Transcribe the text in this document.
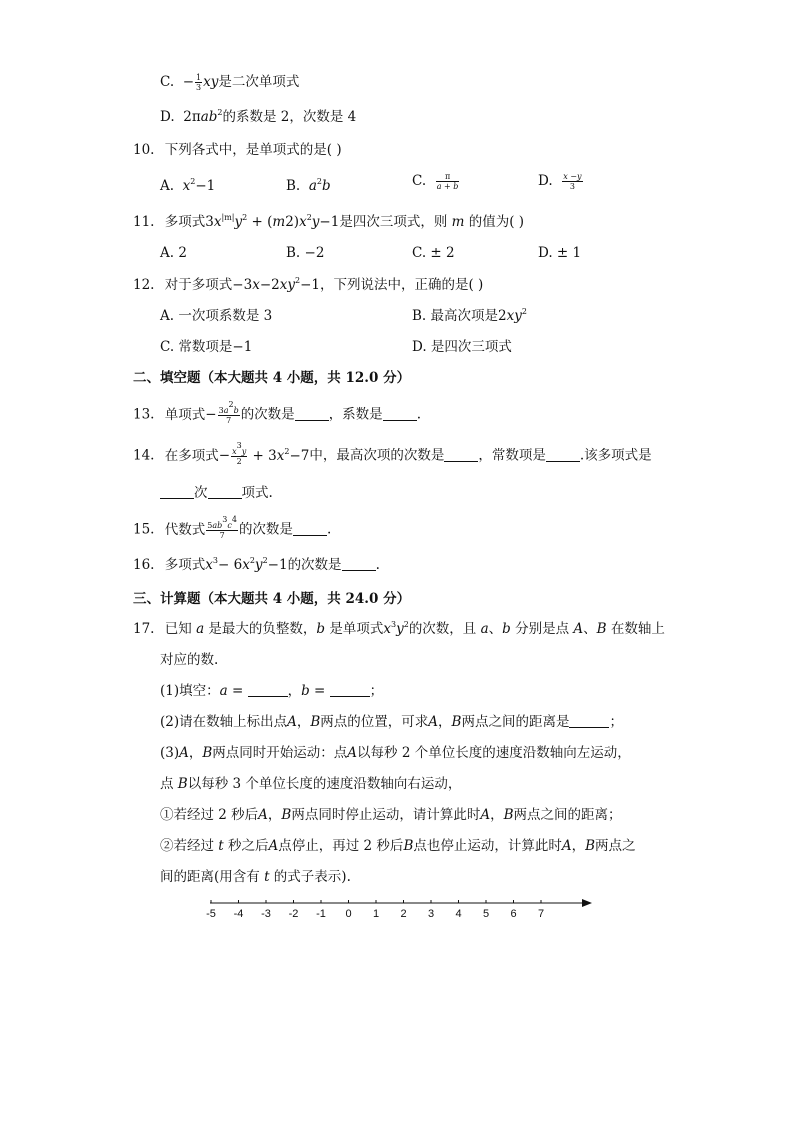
C.  − $\frac{1}{3}$ xy是二次单项式
D.  2πab$^2$的系数是 2，次数是 4
10. 下列各式中，是单项式的是( )
A. $x^2-1$	B. $a^2b$	C. $\frac{\pi}{a + b}$	D. $\frac{x -y}{3}$
11. 多项式$3x^{|m|}y^2 + (m2)x^2y-1$是四次三项式，则 m 的值为( )
A. 2	B. −2	C. ± 2	D. ± 1
12. 对于多项式$-3x-2xy^2-1$，下列说法中，正确的是( )
A. 一次项系数是 3	B. 最高次项是$2xy^2$
C. 常数项是−1	D. 是四次三项式
二、填空题（本大题共 4 小题，共 12.0 分）
13. 单项式− $\frac{3a^2b}{7}$ 的次数是	，系数是	.
14. 在多项式− $\frac{x^3y}{2} + 3x^2-7$中，最高次项的次数是	，常数项是	.该多项式是
次	项式.
15. 代数式 $\frac{5ab^3c^4}{7}$ 的次数是	.
16. 多项式$x^3- 6x^2y^2-1$的次数是	.
三、计算题（本大题共 4 小题，共 24.0 分）
17. 已知 a 是最大的负整数，b 是单项式$x^3y^2$的次数，且 a、b 分别是点 A、B 在数轴上
对应的数.
(1)填空：a =	，b =	；
(2)请在数轴上标出点A，B两点的位置，可求A，B两点之间的距离是	；
(3)A，B两点同时开始运动：点A以每秒 2 个单位长度的速度沿数轴向左运动，
点 B以每秒 3 个单位长度的速度沿数轴向右运动，
①若经过 2 秒后A，B两点同时停止运动，请计算此时A，B两点之间的距离；
②若经过 t 秒之后A点停止，再过 2 秒后B点也停止运动，计算此时A，B两点之
间的距离(用含有 t 的式子表示).
-5 -4 -3 -2 -1 0 1 2 3 4 5 6 7
